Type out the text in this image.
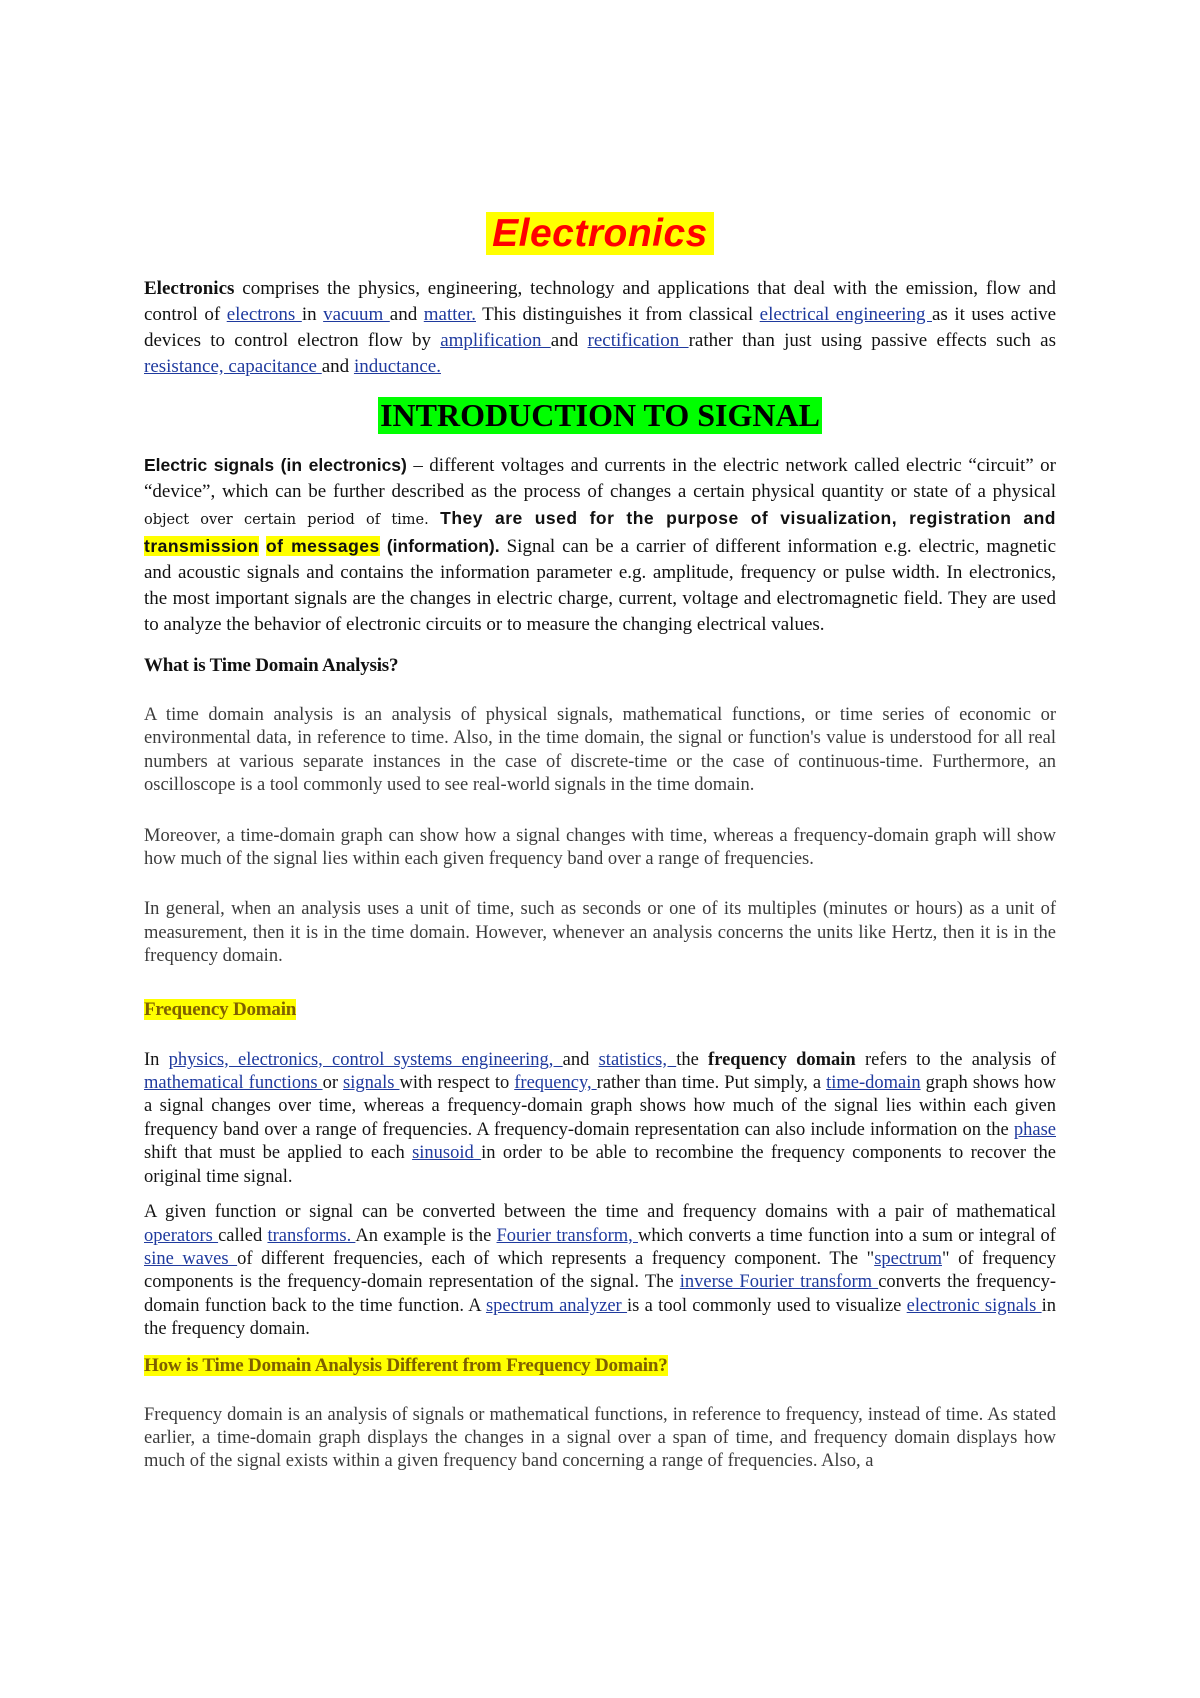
Electronics

Electronics comprises the physics, engineering, technology and applications that deal with the emission, flow and control of electrons in vacuum and matter. This distinguishes it from classical electrical engineering as it uses active devices to control electron flow by amplification and rectification rather than just using passive effects such as resistance, capacitance and inductance.

INTRODUCTION TO SIGNAL

Electric signals (in electronics) – different voltages and currents in the electric network called electric “circuit” or “device”, which can be further described as the process of changes a certain physical quantity or state of a physical object over certain period of time. They are used for the purpose of visualization, registration and transmission of messages (information). Signal can be a carrier of different information e.g. electric, magnetic and acoustic signals and contains the information parameter e.g. amplitude, frequency or pulse width. In electronics, the most important signals are the changes in electric charge, current, voltage and electromagnetic field. They are used to analyze the behavior of electronic circuits or to measure the changing electrical values.

What is Time Domain Analysis?

A time domain analysis is an analysis of physical signals, mathematical functions, or time series of economic or environmental data, in reference to time. Also, in the time domain, the signal or function's value is understood for all real numbers at various separate instances in the case of discrete-time or the case of continuous-time. Furthermore, an oscilloscope is a tool commonly used to see real-world signals in the time domain.

Moreover, a time-domain graph can show how a signal changes with time, whereas a frequency-domain graph will show how much of the signal lies within each given frequency band over a range of frequencies.

In general, when an analysis uses a unit of time, such as seconds or one of its multiples (minutes or hours) as a unit of measurement, then it is in the time domain. However, whenever an analysis concerns the units like Hertz, then it is in the frequency domain.

Frequency Domain

In physics, electronics, control systems engineering, and statistics, the frequency domain refers to the analysis of mathematical functions or signals with respect to frequency, rather than time. Put simply, a time-domain graph shows how a signal changes over time, whereas a frequency-domain graph shows how much of the signal lies within each given frequency band over a range of frequencies. A frequency-domain representation can also include information on the phase shift that must be applied to each sinusoid in order to be able to recombine the frequency components to recover the original time signal.

A given function or signal can be converted between the time and frequency domains with a pair of mathematical operators called transforms. An example is the Fourier transform, which converts a time function into a sum or integral of sine waves of different frequencies, each of which represents a frequency component. The "spectrum" of frequency components is the frequency-domain representation of the signal. The inverse Fourier transform converts the frequency-domain function back to the time function. A spectrum analyzer is a tool commonly used to visualize electronic signals in the frequency domain.

How is Time Domain Analysis Different from Frequency Domain?

Frequency domain is an analysis of signals or mathematical functions, in reference to frequency, instead of time. As stated earlier, a time-domain graph displays the changes in a signal over a span of time, and frequency domain displays how much of the signal exists within a given frequency band concerning a range of frequencies. Also, a
